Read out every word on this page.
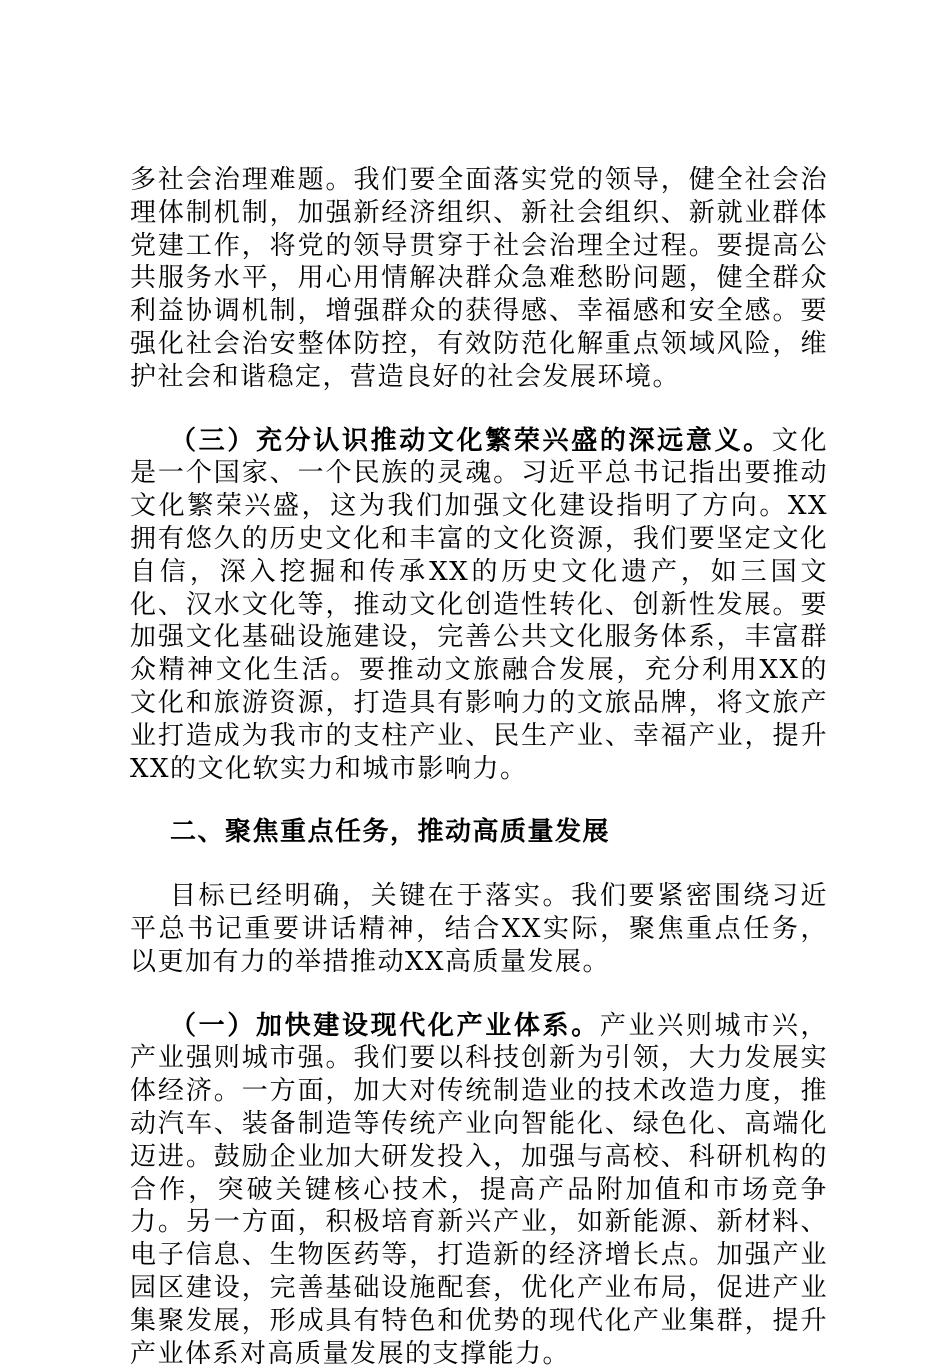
多社会治理难题。我们要全面落实党的领导，健全社会治理体制机制，加强新经济组织、新社会组织、新就业群体党建工作，将党的领导贯穿于社会治理全过程。要提高公共服务水平，用心用情解决群众急难愁盼问题，健全群众利益协调机制，增强群众的获得感、幸福感和安全感。要强化社会治安整体防控，有效防范化解重点领域风险，维护社会和谐稳定，营造良好的社会发展环境。

（三）充分认识推动文化繁荣兴盛的深远意义。文化是一个国家、一个民族的灵魂。习近平总书记指出要推动文化繁荣兴盛，这为我们加强文化建设指明了方向。XX拥有悠久的历史文化和丰富的文化资源，我们要坚定文化自信，深入挖掘和传承XX的历史文化遗产，如三国文化、汉水文化等，推动文化创造性转化、创新性发展。要加强文化基础设施建设，完善公共文化服务体系，丰富群众精神文化生活。要推动文旅融合发展，充分利用XX的文化和旅游资源，打造具有影响力的文旅品牌，将文旅产业打造成为我市的支柱产业、民生产业、幸福产业，提升XX的文化软实力和城市影响力。

二、聚焦重点任务，推动高质量发展

目标已经明确，关键在于落实。我们要紧密围绕习近平总书记重要讲话精神，结合XX实际，聚焦重点任务，以更加有力的举措推动XX高质量发展。

（一）加快建设现代化产业体系。产业兴则城市兴，产业强则城市强。我们要以科技创新为引领，大力发展实体经济。一方面，加大对传统制造业的技术改造力度，推动汽车、装备制造等传统产业向智能化、绿色化、高端化迈进。鼓励企业加大研发投入，加强与高校、科研机构的合作，突破关键核心技术，提高产品附加值和市场竞争力。另一方面，积极培育新兴产业，如新能源、新材料、电子信息、生物医药等，打造新的经济增长点。加强产业园区建设，完善基础设施配套，优化产业布局，促进产业集聚发展，形成具有特色和优势的现代化产业集群，提升产业体系对高质量发展的支撑能力。
